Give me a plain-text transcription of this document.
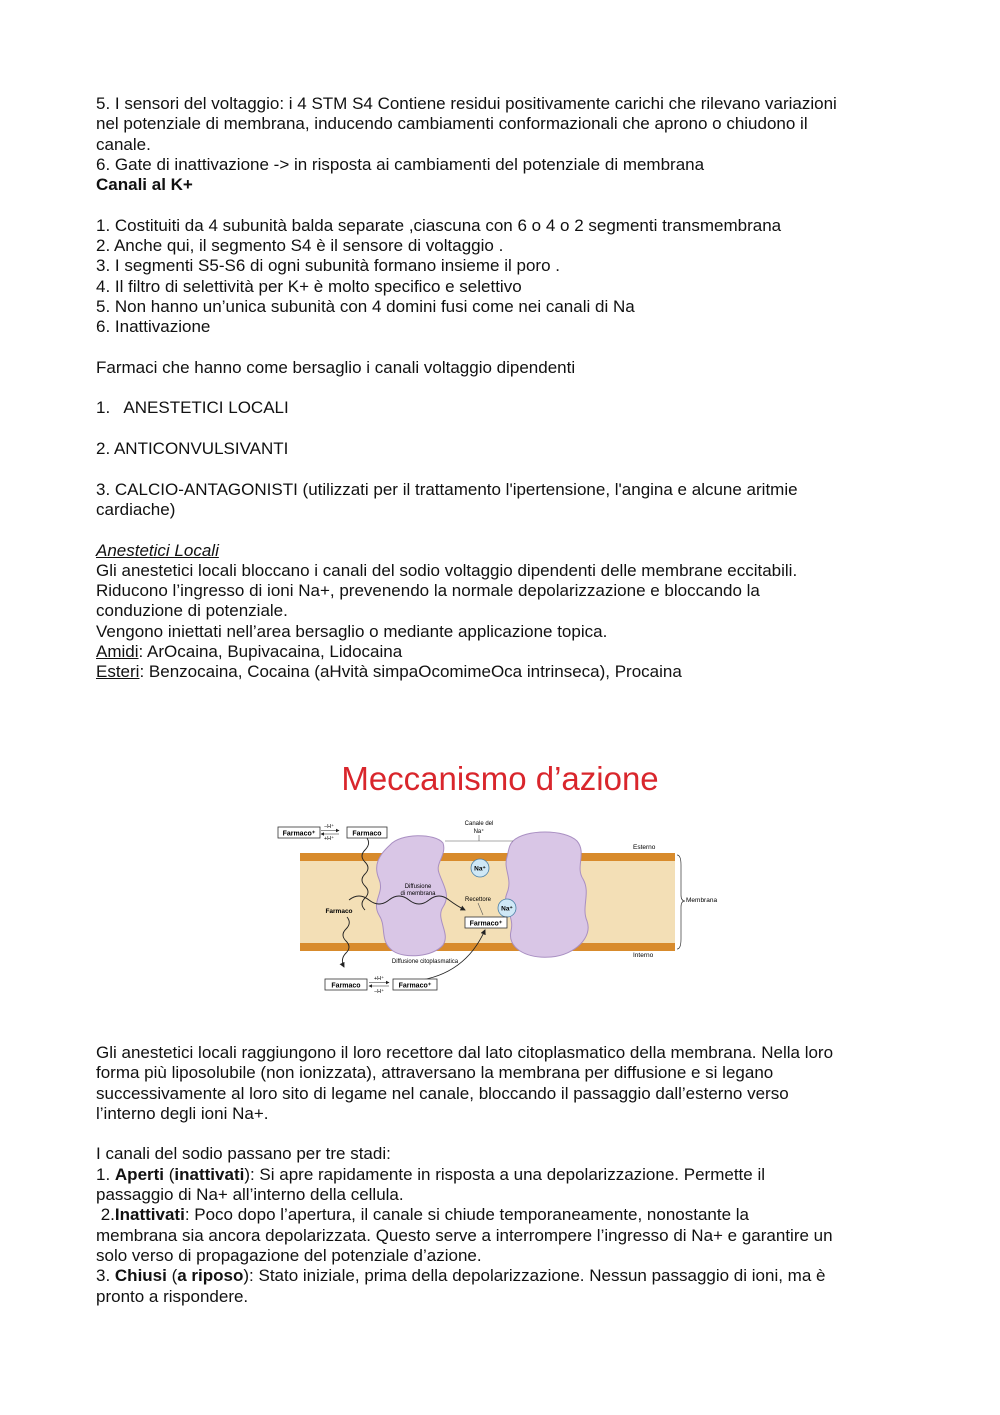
5. I sensori del voltaggio: i 4 STM S4 Contiene residui positivamente carichi che rilevano variazioni
nel potenziale di membrana, inducendo cambiamenti conformazionali che aprono o chiudono il
canale.
6. Gate di inattivazione -> in risposta ai cambiamenti del potenziale di membrana
Canali al K+
1. Costituiti da 4 subunità balda separate ,ciascuna con 6 o 4 o 2 segmenti transmembrana
2. Anche qui, il segmento S4 è il sensore di voltaggio .
3. I segmenti S5-S6 di ogni subunità formano insieme il poro .
4. Il filtro di selettività per K+ è molto specifico e selettivo
5. Non hanno un’unica subunità con 4 domini fusi come nei canali di Na
6. Inattivazione
Farmaci che hanno come bersaglio i canali voltaggio dipendenti
1.   ANESTETICI LOCALI
2. ANTICONVULSIVANTI
3. CALCIO-ANTAGONISTI (utilizzati per il trattamento l'ipertensione, l'angina e alcune aritmie
cardiache)
Anestetici Locali
Gli anestetici locali bloccano i canali del sodio voltaggio dipendenti delle membrane eccitabili.
Riducono l’ingresso di ioni Na+, prevenendo la normale depolarizzazione e bloccando la
conduzione di potenziale.
Vengono iniettati nell’area bersaglio o mediante applicazione topica.
Amidi: ArOcaina, Bupivacaina, Lidocaina
Esteri: Benzocaina, Cocaina (aHvità simpaOcomimeOca intrinseca), Procaina
Meccanismo d’azione
Farmaco⁺
−H⁺
+H⁺
Farmaco
Canale del
Na⁺
Na⁺
Na⁺
Esterno
Membrana
Interno
Diffusione
di membrana
Recettore
Farmaco
Farmaco⁺
Diffusione citoplasmatica
Farmaco
+H⁺
−H⁺
Farmaco⁺
Gli anestetici locali raggiungono il loro recettore dal lato citoplasmatico della membrana. Nella loro
forma più liposolubile (non ionizzata), attraversano la membrana per diffusione e si legano
successivamente al loro sito di legame nel canale, bloccando il passaggio dall’esterno verso
l’interno degli ioni Na+.
I canali del sodio passano per tre stadi:
1. Aperti (inattivati): Si apre rapidamente in risposta a una depolarizzazione. Permette il
passaggio di Na+ all’interno della cellula.
2.Inattivati: Poco dopo l’apertura, il canale si chiude temporaneamente, nonostante la
membrana sia ancora depolarizzata. Questo serve a interrompere l’ingresso di Na+ e garantire un
solo verso di propagazione del potenziale d’azione.
3. Chiusi (a riposo): Stato iniziale, prima della depolarizzazione. Nessun passaggio di ioni, ma è
pronto a rispondere.
